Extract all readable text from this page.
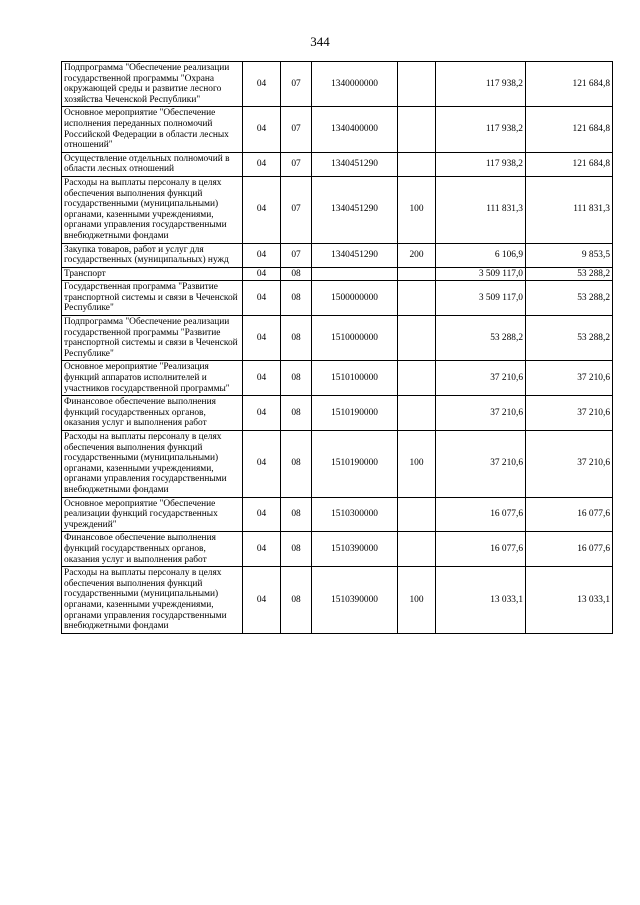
344
Подпрограмма "Обеспечение реализации государственной программы "Охрана окружающей среды и развитие лесного хозяйства Чеченской Республики"	04	07	1340000000		117 938,2	121 684,8
Основное мероприятие "Обеспечение исполнения переданных полномочий Российской Федерации в области лесных отношений"	04	07	1340400000		117 938,2	121 684,8
Осуществление отдельных полномочий в области лесных отношений	04	07	1340451290		117 938,2	121 684,8
Расходы на выплаты персоналу в целях обеспечения выполнения функций государственными (муниципальными) органами, казенными учреждениями, органами управления государственными внебюджетными фондами	04	07	1340451290	100	111 831,3	111 831,3
Закупка товаров, работ и услуг для государственных (муниципальных) нужд	04	07	1340451290	200	6 106,9	9 853,5
Транспорт	04	08			3 509 117,0	53 288,2
Государственная программа "Развитие транспортной системы и связи в Чеченской Республике"	04	08	1500000000		3 509 117,0	53 288,2
Подпрограмма "Обеспечение реализации государственной программы "Развитие транспортной системы и связи в Чеченской Республике"	04	08	1510000000		53 288,2	53 288,2
Основное мероприятие "Реализация функций аппаратов исполнителей и участников государственной программы"	04	08	1510100000		37 210,6	37 210,6
Финансовое обеспечение выполнения функций государственных органов, оказания услуг и выполнения работ	04	08	1510190000		37 210,6	37 210,6
Расходы на выплаты персоналу в целях обеспечения выполнения функций государственными (муниципальными) органами, казенными учреждениями, органами управления государственными внебюджетными фондами	04	08	1510190000	100	37 210,6	37 210,6
Основное мероприятие "Обеспечение реализации функций государственных учреждений"	04	08	1510300000		16 077,6	16 077,6
Финансовое обеспечение выполнения функций государственных органов, оказания услуг и выполнения работ	04	08	1510390000		16 077,6	16 077,6
Расходы на выплаты персоналу в целях обеспечения выполнения функций государственными (муниципальными) органами, казенными учреждениями, органами управления государственными внебюджетными фондами	04	08	1510390000	100	13 033,1	13 033,1
